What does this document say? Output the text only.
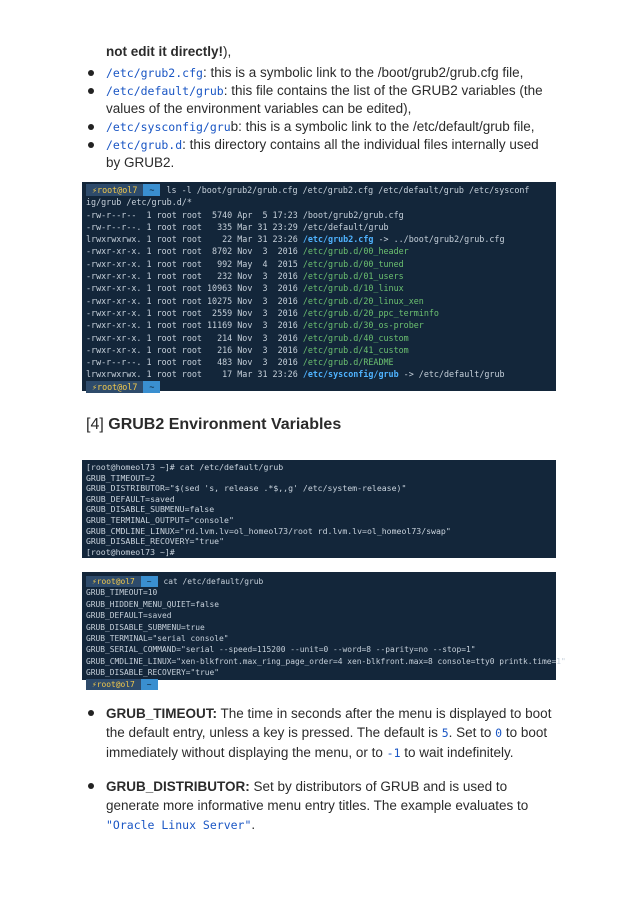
not edit it directly!),
/etc/grub2.cfg: this is a symbolic link to the /boot/grub2/grub.cfg file,
/etc/default/grub: this file contains the list of the GRUB2 variables (the values of the environment variables can be edited),
/etc/sysconfig/grub: this is a symbolic link to the /etc/default/grub file,
/etc/grub.d: this directory contains all the individual files internally used by GRUB2.
⚡root@ol7 ~ ls -l /boot/grub2/grub.cfg /etc/grub2.cfg /etc/default/grub /etc/sysconf
ig/grub /etc/grub.d/*
-rw-r--r--  1 root root  5740 Apr  5 17:23 /boot/grub2/grub.cfg
-rw-r--r--. 1 root root   335 Mar 31 23:29 /etc/default/grub
lrwxrwxrwx. 1 root root    22 Mar 31 23:26 /etc/grub2.cfg -> ../boot/grub2/grub.cfg
-rwxr-xr-x. 1 root root  8702 Nov  3  2016 /etc/grub.d/00_header
-rwxr-xr-x. 1 root root   992 May  4  2015 /etc/grub.d/00_tuned
-rwxr-xr-x. 1 root root   232 Nov  3  2016 /etc/grub.d/01_users
-rwxr-xr-x. 1 root root 10963 Nov  3  2016 /etc/grub.d/10_linux
-rwxr-xr-x. 1 root root 10275 Nov  3  2016 /etc/grub.d/20_linux_xen
-rwxr-xr-x. 1 root root  2559 Nov  3  2016 /etc/grub.d/20_ppc_terminfo
-rwxr-xr-x. 1 root root 11169 Nov  3  2016 /etc/grub.d/30_os-prober
-rwxr-xr-x. 1 root root   214 Nov  3  2016 /etc/grub.d/40_custom
-rwxr-xr-x. 1 root root   216 Nov  3  2016 /etc/grub.d/41_custom
-rw-r--r--. 1 root root   483 Nov  3  2016 /etc/grub.d/README
lrwxrwxrwx. 1 root root    17 Mar 31 23:26 /etc/sysconfig/grub -> /etc/default/grub
⚡root@ol7 ~ _
[4] GRUB2 Environment Variables
[root@homeol73 ~]# cat /etc/default/grub
GRUB_TIMEOUT=2
GRUB_DISTRIBUTOR="$(sed 's, release .*$,,g' /etc/system-release)"
GRUB_DEFAULT=saved
GRUB_DISABLE_SUBMENU=false
GRUB_TERMINAL_OUTPUT="console"
GRUB_CMDLINE_LINUX="rd.lvm.lv=ol_homeol73/root rd.lvm.lv=ol_homeol73/swap"
GRUB_DISABLE_RECOVERY="true"
[root@homeol73 ~]#
⚡root@ol7 ~ cat /etc/default/grub
GRUB_TIMEOUT=10
GRUB_HIDDEN_MENU_QUIET=false
GRUB_DEFAULT=saved
GRUB_DISABLE_SUBMENU=true
GRUB_TERMINAL="serial console"
GRUB_SERIAL_COMMAND="serial --speed=115200 --unit=0 --word=8 --parity=no --stop=1"
GRUB_CMDLINE_LINUX="xen-blkfront.max_ring_page_order=4 xen-blkfront.max=8 console=tty0 printk.time=1"
GRUB_DISABLE_RECOVERY="true"
⚡root@ol7 ~
GRUB_TIMEOUT: The time in seconds after the menu is displayed to boot the default entry, unless a key is pressed. The default is 5. Set to 0 to boot immediately without displaying the menu, or to -1 to wait indefinitely.
GRUB_DISTRIBUTOR: Set by distributors of GRUB and is used to generate more informative menu entry titles. The example evaluates to "Oracle Linux Server".
